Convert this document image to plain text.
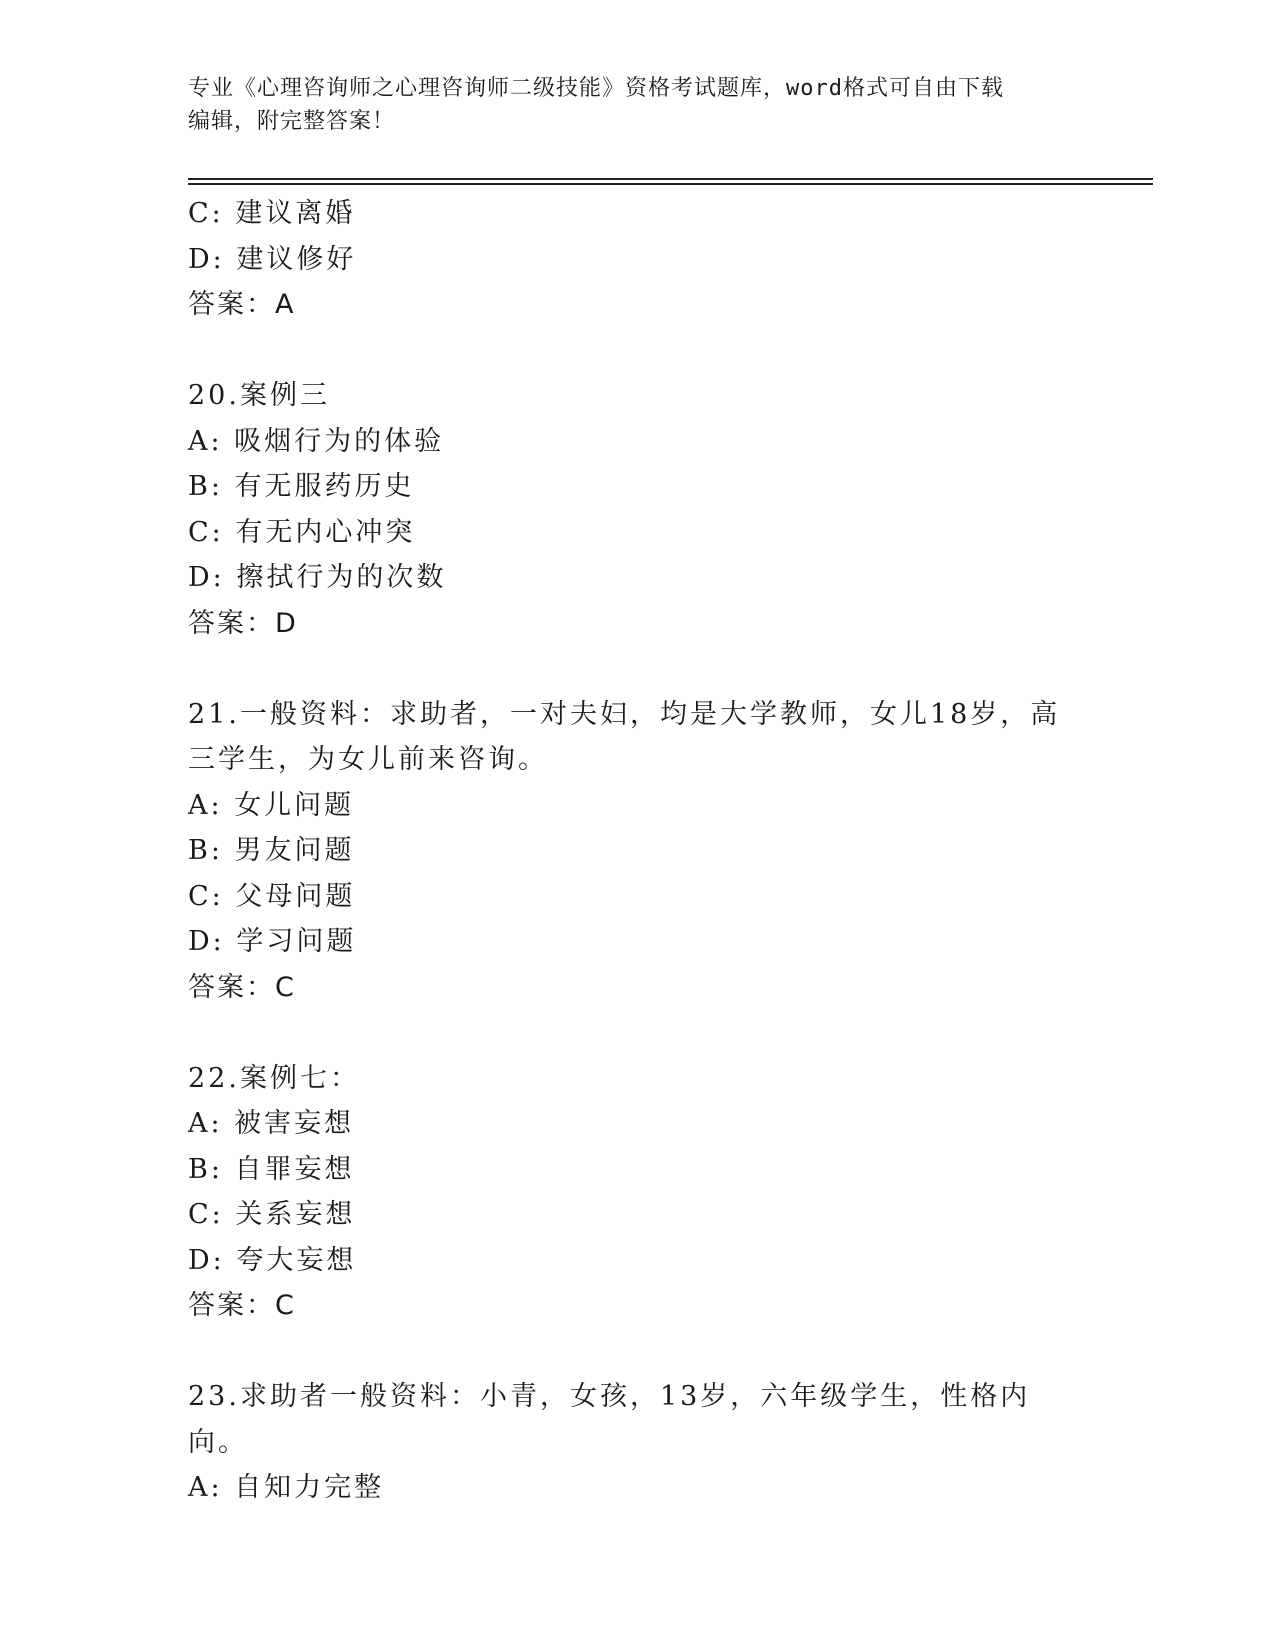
专业《心理咨询师之心理咨询师二级技能》资格考试题库，word格式可自由下载
编辑，附完整答案！
C: 建议离婚
D: 建议修好
答案：A
20.案例三
A: 吸烟行为的体验
B: 有无服药历史
C: 有无内心冲突
D: 擦拭行为的次数
答案：D
21.一般资料：求助者，一对夫妇，均是大学教师，女儿18岁，高三学生，为女儿前来咨询。
A: 女儿问题
B: 男友问题
C: 父母问题
D: 学习问题
答案：C
22.案例七：
A: 被害妄想
B: 自罪妄想
C: 关系妄想
D: 夸大妄想
答案：C
23.求助者一般资料：小青，女孩，13岁，六年级学生，性格内向。
A: 自知力完整
